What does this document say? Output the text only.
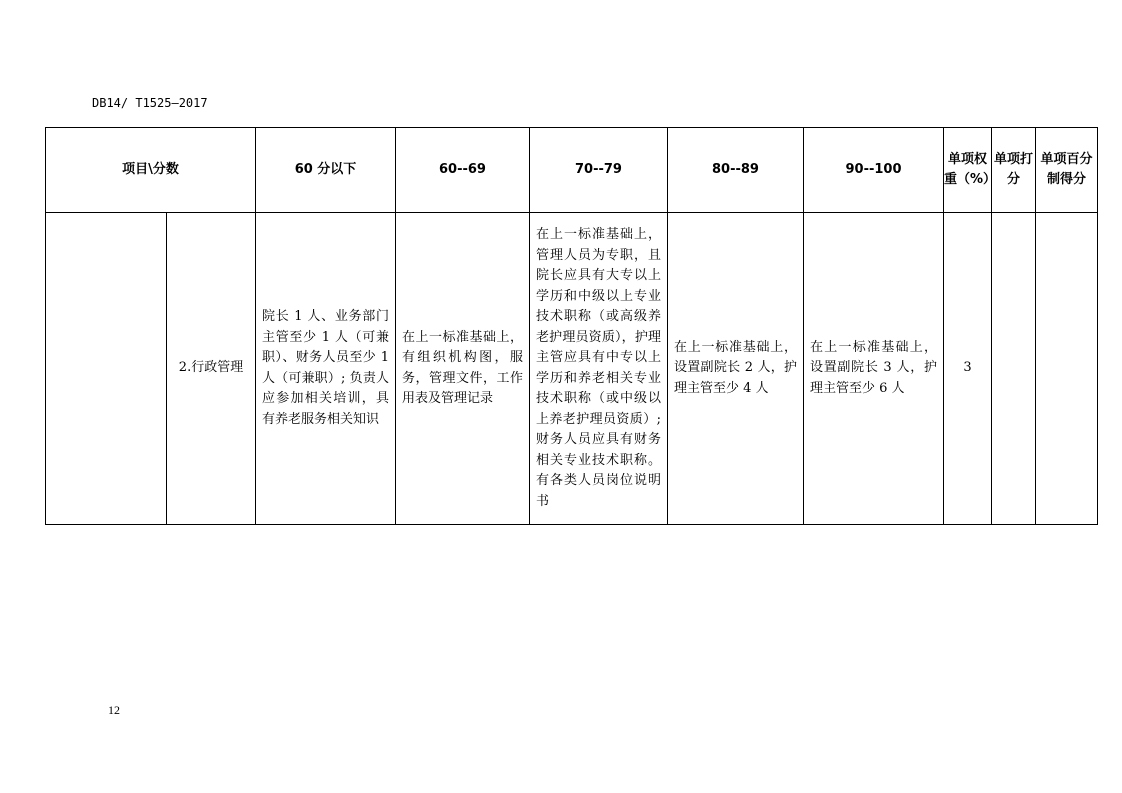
DB14/ T1525—2017
项目\分数		60 分以下	60--69	70--79	80--89	90--100	单项权重（%）	单项打分	单项百分制得分
	2.行政管理	院长 1 人、业务部门主管至少 1 人（可兼职）、财务人员至少 1 人（可兼职）; 负责人应参加相关培训，具有养老服务相关知识	在上一标准基础上，有组织机构图，服务，管理文件，工作用表及管理记录	在上一标准基础上，管理人员为专职，且院长应具有大专以上学历和中级以上专业技术职称（或高级养老护理员资质），护理主管应具有中专以上学历和养老相关专业技术职称（或中级以上养老护理员资质）; 财务人员应具有财务相关专业技术职称。有各类人员岗位说明书	在上一标准基础上，设置副院长 2 人，护理主管至少 4 人	在上一标准基础上，设置副院长 3 人，护理主管至少 6 人	3		
12
